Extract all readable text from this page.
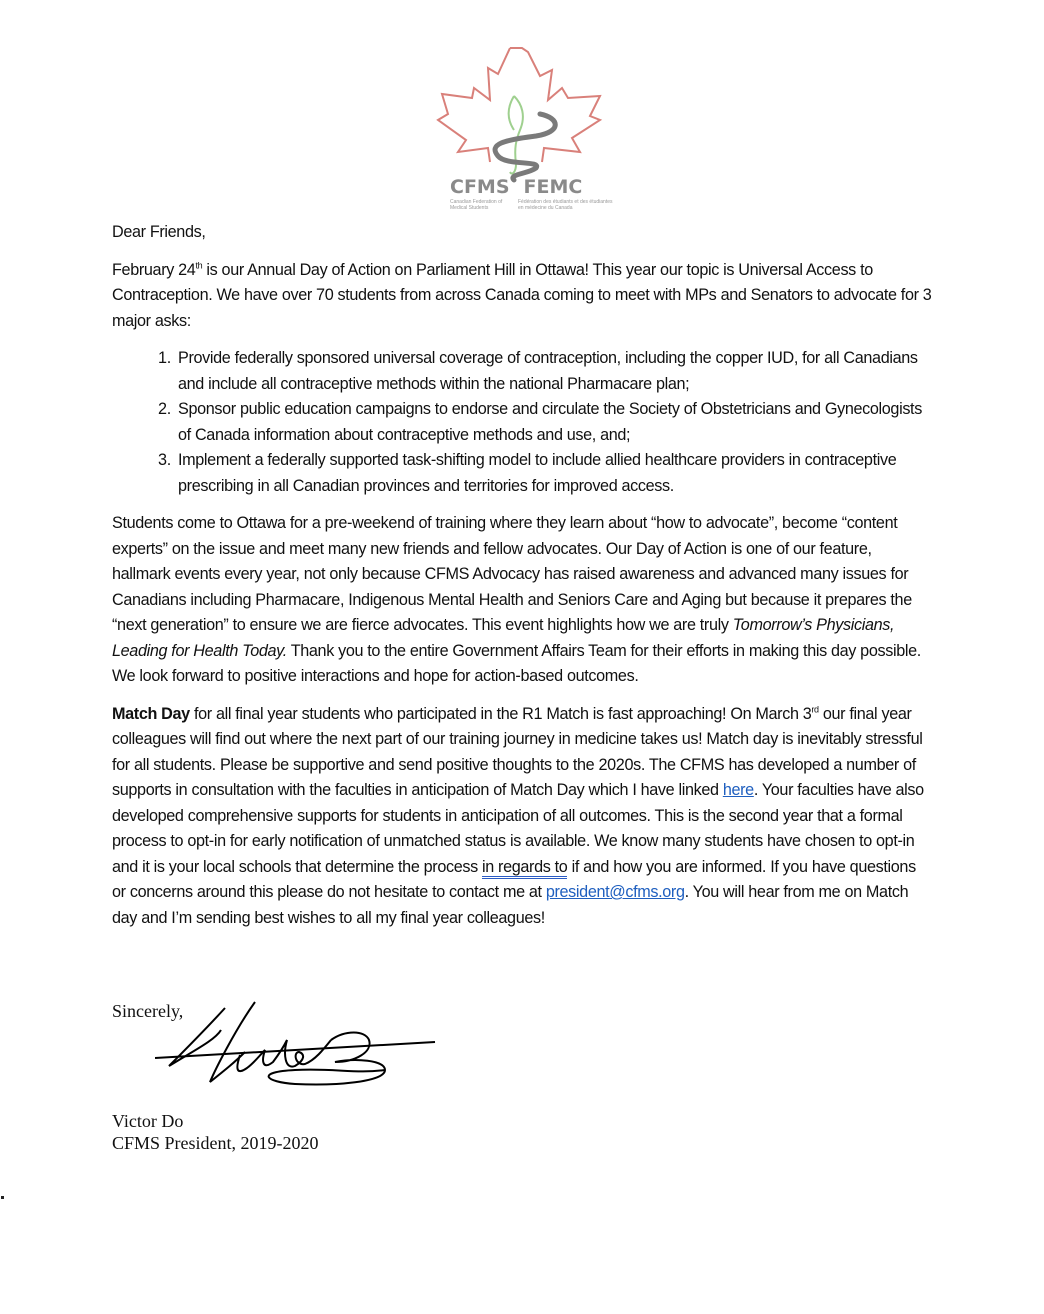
CFMS FEMC
Canadian Federation of Medical Students
Fédération des étudiants et des étudiantes en médecine du Canada

Dear Friends,

February 24th is our Annual Day of Action on Parliament Hill in Ottawa! This year our topic is Universal Access to Contraception. We have over 70 students from across Canada coming to meet with MPs and Senators to advocate for 3 major asks:

1. Provide federally sponsored universal coverage of contraception, including the copper IUD, for all Canadians and include all contraceptive methods within the national Pharmacare plan;
2. Sponsor public education campaigns to endorse and circulate the Society of Obstetricians and Gynecologists of Canada information about contraceptive methods and use, and;
3. Implement a federally supported task-shifting model to include allied healthcare providers in contraceptive prescribing in all Canadian provinces and territories for improved access.

Students come to Ottawa for a pre-weekend of training where they learn about “how to advocate”, become “content experts” on the issue and meet many new friends and fellow advocates. Our Day of Action is one of our feature, hallmark events every year, not only because CFMS Advocacy has raised awareness and advanced many issues for Canadians including Pharmacare, Indigenous Mental Health and Seniors Care and Aging but because it prepares the “next generation” to ensure we are fierce advocates. This event highlights how we are truly Tomorrow’s Physicians, Leading for Health Today. Thank you to the entire Government Affairs Team for their efforts in making this day possible. We look forward to positive interactions and hope for action-based outcomes.

Match Day for all final year students who participated in the R1 Match is fast approaching! On March 3rd our final year colleagues will find out where the next part of our training journey in medicine takes us! Match day is inevitably stressful for all students. Please be supportive and send positive thoughts to the 2020s. The CFMS has developed a number of supports in consultation with the faculties in anticipation of Match Day which I have linked here. Your faculties have also developed comprehensive supports for students in anticipation of all outcomes. This is the second year that a formal process to opt-in for early notification of unmatched status is available. We know many students have chosen to opt-in and it is your local schools that determine the process in regards to if and how you are informed. If you have questions or concerns around this please do not hesitate to contact me at president@cfms.org. You will hear from me on Match day and I’m sending best wishes to all my final year colleagues!

Sincerely,
Victor Do
CFMS President, 2019-2020
